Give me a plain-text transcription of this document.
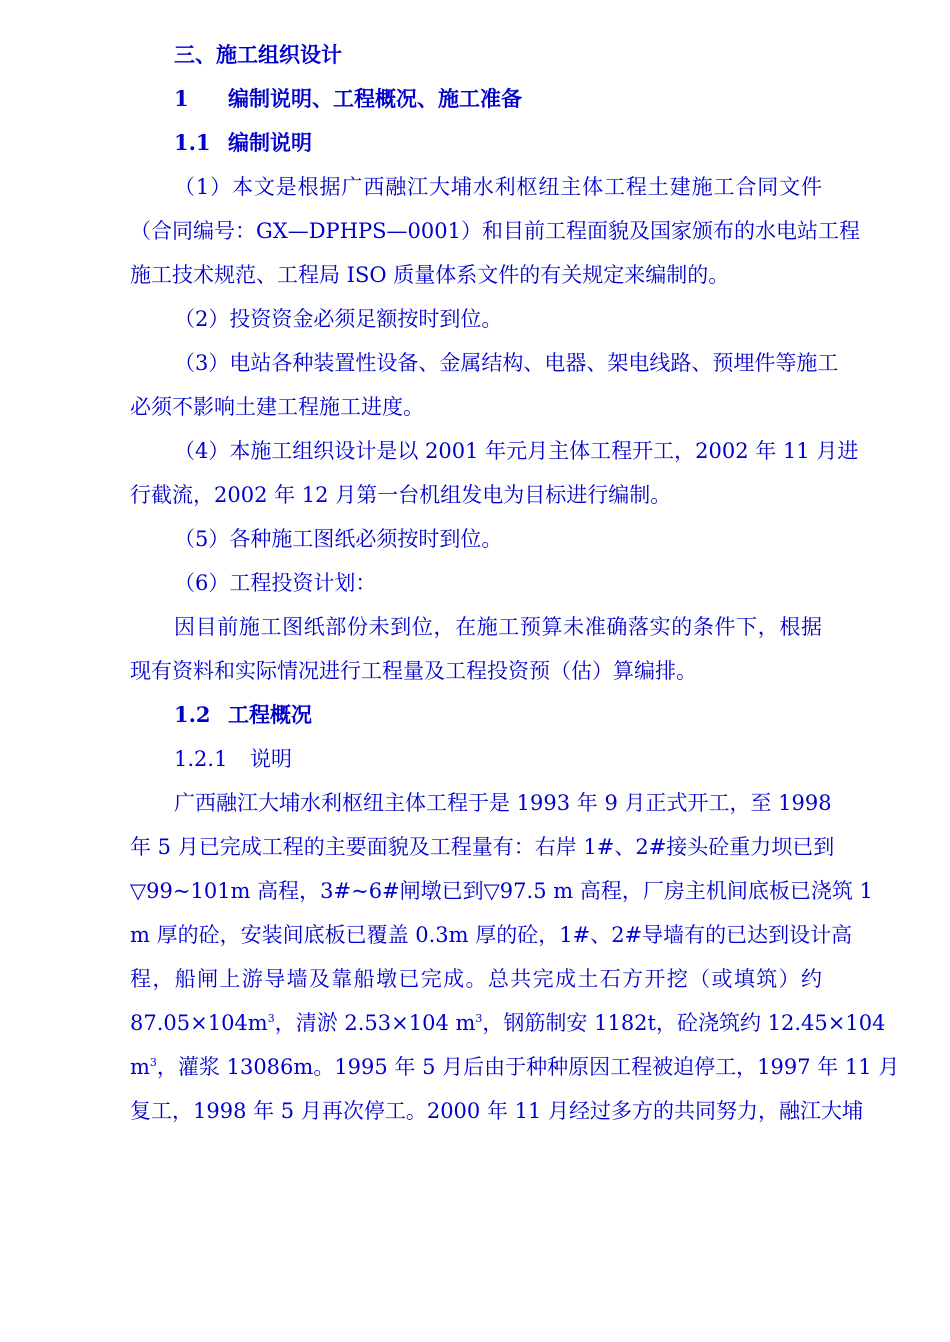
三、施工组织设计
1 编制说明、工程概况、施工准备
1.1 编制说明
（1）本文是根据广西融江大埔水利枢纽主体工程土建施工合同文件
（合同编号：GX—DPHPS—0001）和目前工程面貌及国家颁布的水电站工程
施工技术规范、工程局 ISO 质量体系文件的有关规定来编制的。
（2）投资资金必须足额按时到位。
（3）电站各种装置性设备、金属结构、电器、架电线路、预埋件等施工
必须不影响土建工程施工进度。
（4）本施工组织设计是以 2001 年元月主体工程开工，2002 年 11 月进
行截流，2002 年 12 月第一台机组发电为目标进行编制。
（5）各种施工图纸必须按时到位。
（6）工程投资计划：
因目前施工图纸部份未到位，在施工预算未准确落实的条件下，根据
现有资料和实际情况进行工程量及工程投资预（估）算编排。
1.2 工程概况
1.2.1 说明
广西融江大埔水利枢纽主体工程于是 1993 年 9 月正式开工，至 1998
年 5 月已完成工程的主要面貌及工程量有：右岸 1#、2#接头砼重力坝已到
▽99~101m 高程，3#~6#闸墩已到▽97.5 m 高程，厂房主机间底板已浇筑 1
m 厚的砼，安装间底板已覆盖 0.3m 厚的砼，1#、2#导墙有的已达到设计高
程，船闸上游导墙及靠船墩已完成。总共完成土石方开挖（或填筑）约
$87.05\times 104m^3$，清淤 2.53×104 $m^3$，钢筋制安 1182t，砼浇筑约 12.45×104
$m^3$，灌浆 13086m。1995 年 5 月后由于种种原因工程被迫停工，1997 年 11 月
复工，1998 年 5 月再次停工。2000 年 11 月经过多方的共同努力，融江大埔
